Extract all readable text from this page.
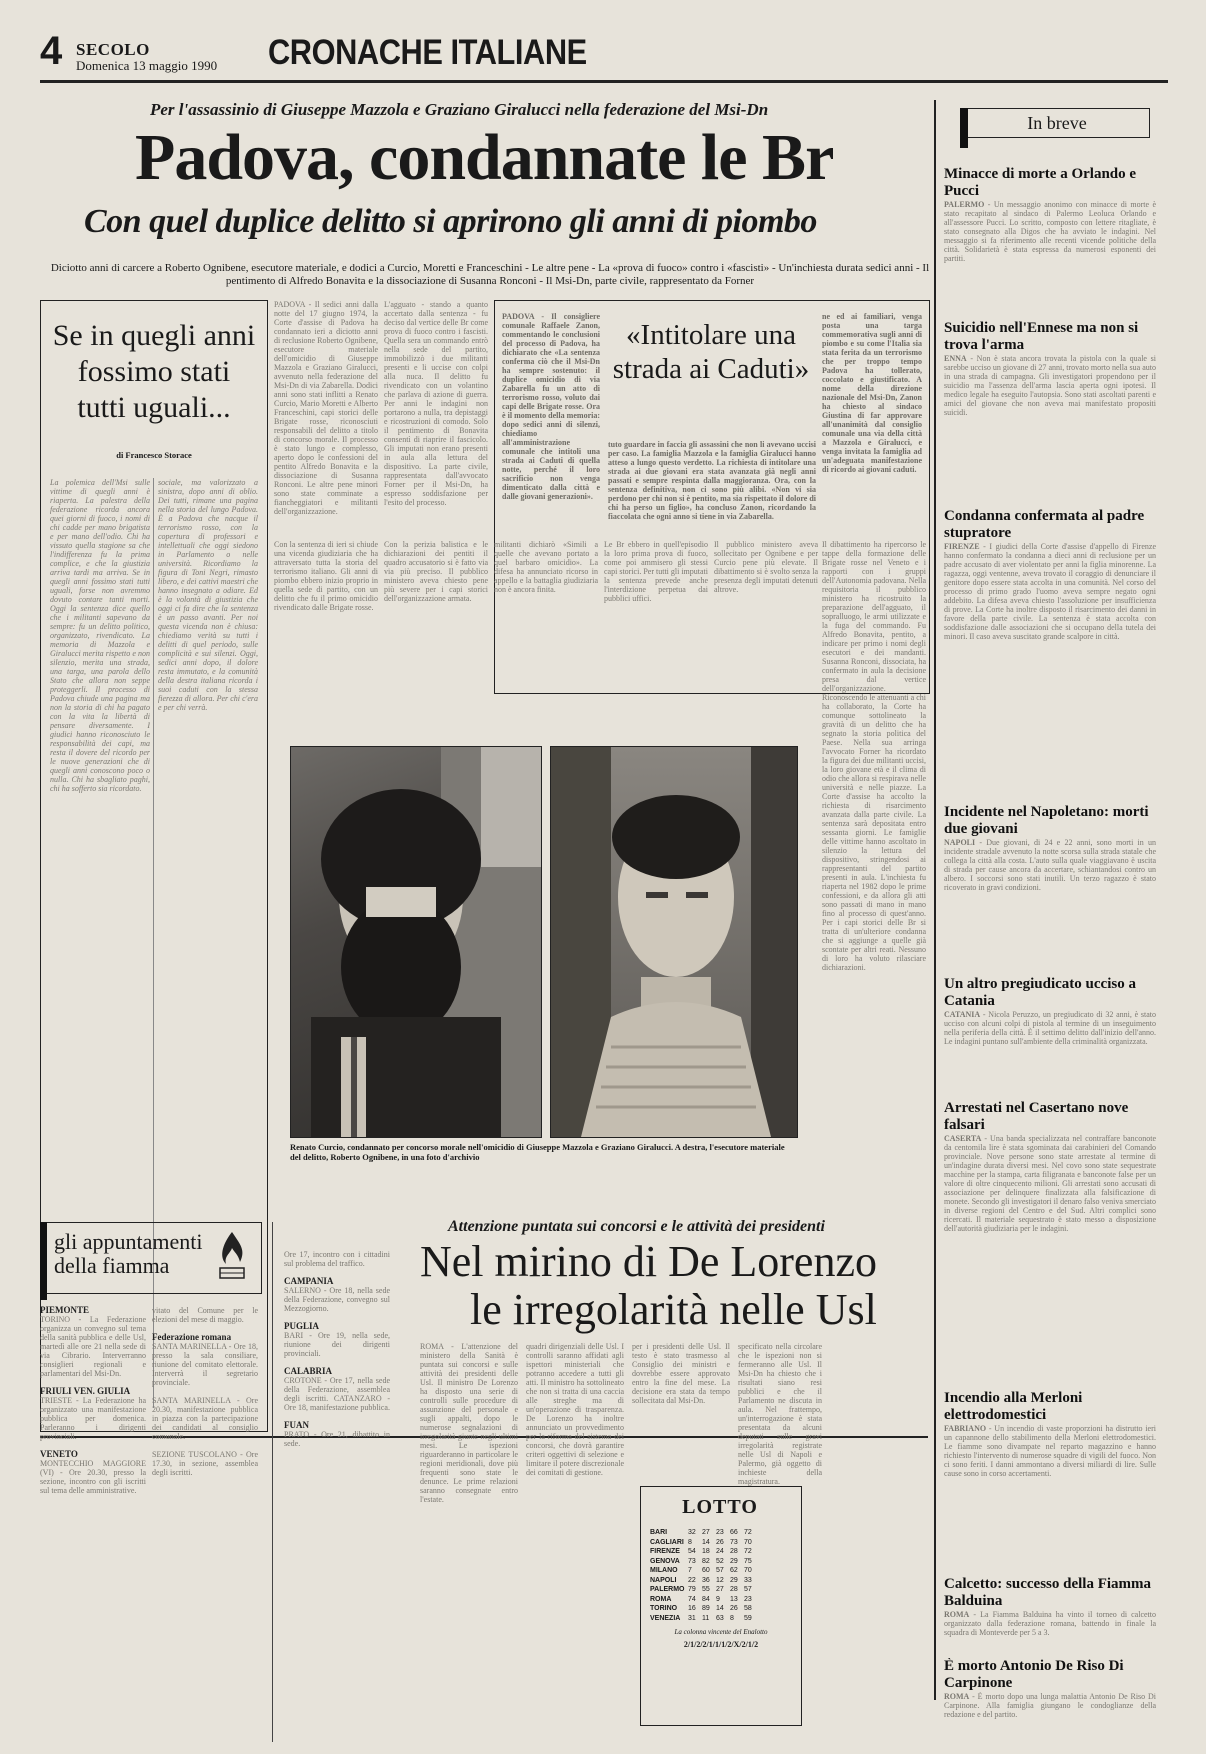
4 SECOLO
Domenica 13 maggio 1990 CRONACHE ITALIANE
Per l'assassinio di Giuseppe Mazzola e Graziano Giralucci nella federazione del Msi-Dn
Padova, condannate le Br
Con quel duplice delitto si aprirono gli anni di piombo
Diciotto anni di carcere a Roberto Ognibene, esecutore materiale, e dodici a Curcio, Moretti e Franceschini - Le altre pene - La «prova di fuoco» contro i «fascisti» - Un'inchiesta durata sedici anni - Il pentimento di Alfredo Bonavita e la dissociazione di Susanna Ronconi - Il Msi-Dn, parte civile, rappresentato da Forner
Se in quegli anni fossimo stati tutti uguali...
di Francesco Storace
La polemica dell'Msi sulle vittime di quegli anni è riaperta. La palestra della federazione ricorda ancora quei giorni di fuoco, i nomi di chi cadde per mano brigatista e per mano dell'odio. Chi ha vissuto quella stagione sa che l'indifferenza fu la prima complice, e che la giustizia arriva tardi ma arriva. Se in quegli anni fossimo stati tutti uguali, forse non avremmo dovuto contare tanti morti. Oggi la sentenza dice quello che i militanti sapevano da sempre: fu un delitto politico, organizzato, rivendicato. La memoria di Mazzola e Giralucci merita rispetto e non silenzio, merita una strada, una targa, una parola dello Stato che allora non seppe proteggerli. Il processo di Padova chiude una pagina ma non la storia di chi ha pagato con la vita la libertà di pensare diversamente. I giudici hanno riconosciuto le responsabilità dei capi, ma resta il dovere del ricordo per le nuove generazioni che di quegli anni conoscono poco o nulla. Chi ha sbagliato paghi, chi ha sofferto sia ricordato.
sociale, ma valorizzato a sinistra, dopo anni di oblio. Dei tutti, rimane una pagina nella storia del lungo Padova. È a Padova che nacque il terrorismo rosso, con la copertura di professori e intellettuali che oggi siedono in Parlamento o nelle università. Ricordiamo la figura di Toni Negri, rimasto libero, e dei cattivi maestri che hanno insegnato a odiare. Ed è la volontà di giustizia che oggi ci fa dire che la sentenza è un passo avanti. Per noi questa vicenda non è chiusa: chiediamo verità su tutti i delitti di quel periodo, sulle complicità e sui silenzi. Oggi, sedici anni dopo, il dolore resta immutato, e la comunità della destra italiana ricorda i suoi caduti con la stessa fierezza di allora. Per chi c'era e per chi verrà.
PADOVA - Il sedici anni dalla notte del 17 giugno 1974, la Corte d'assise di Padova ha condannato ieri a diciotto anni di reclusione Roberto Ognibene, esecutore materiale dell'omicidio di Giuseppe Mazzola e Graziano Giralucci, avvenuto nella federazione del Msi-Dn di via Zabarella. Dodici anni sono stati inflitti a Renato Curcio, Mario Moretti e Alberto Franceschini, capi storici delle Brigate rosse, riconosciuti responsabili del delitto a titolo di concorso morale. Il processo è stato lungo e complesso, aperto dopo le confessioni del pentito Alfredo Bonavita e la dissociazione di Susanna Ronconi. Le altre pene minori sono state comminate a fiancheggiatori e militanti dell'organizzazione.
L'agguato - stando a quanto accertato dalla sentenza - fu deciso dal vertice delle Br come prova di fuoco contro i fascisti. Quella sera un commando entrò nella sede del partito, immobilizzò i due militanti presenti e li uccise con colpi alla nuca. Il delitto fu rivendicato con un volantino che parlava di azione di guerra. Per anni le indagini non portarono a nulla, tra depistaggi e ricostruzioni di comodo. Solo il pentimento di Bonavita consentì di riaprire il fascicolo. Gli imputati non erano presenti in aula alla lettura del dispositivo. La parte civile, rappresentata dall'avvocato Forner per il Msi-Dn, ha espresso soddisfazione per l'esito del processo.
PADOVA - Il consigliere comunale Raffaele Zanon, commentando le conclusioni del processo di Padova, ha dichiarato che «La sentenza conferma ciò che il Msi-Dn ha sempre sostenuto: il duplice omicidio di via Zabarella fu un atto di terrorismo rosso, voluto dai capi delle Brigate rosse. Ora è il momento della memoria: dopo sedici anni di silenzi, chiediamo all'amministrazione comunale che intitoli una strada ai Caduti di quella notte, perché il loro sacrificio non venga dimenticato dalla città e dalle giovani generazioni».
«Intitolare una strada ai Caduti»
tuto guardare in faccia gli assassini che non li avevano uccisi per caso. La famiglia Mazzola e la famiglia Giralucci hanno atteso a lungo questo verdetto. La richiesta di intitolare una strada ai due giovani era stata avanzata già negli anni passati e sempre respinta dalla maggioranza. Ora, con la sentenza definitiva, non ci sono più alibi. «Non vi sia perdono per chi non si è pentito, ma sia rispettato il dolore di chi ha perso un figlio», ha concluso Zanon, ricordando la fiaccolata che ogni anno si tiene in via Zabarella.
ne ed ai familiari, venga posta una targa commemorativa sugli anni di piombo e su come l'Italia sia stata ferita da un terrorismo che per troppo tempo Padova ha tollerato, coccolato e giustificato. A nome della direzione nazionale del Msi-Dn, Zanon ha chiesto al sindaco Giustina di far approvare all'unanimità dal consiglio comunale una via della città a Mazzola e Giralucci, e venga invitata la famiglia ad un'adeguata manifestazione di ricordo ai giovani caduti.
Con la sentenza di ieri si chiude una vicenda giudiziaria che ha attraversato tutta la storia del terrorismo italiano. Gli anni di piombo ebbero inizio proprio in quella sede di partito, con un delitto che fu il primo omicidio rivendicato dalle Brigate rosse.
Con la perizia balistica e le dichiarazioni dei pentiti il quadro accusatorio si è fatto via via più preciso. Il pubblico ministero aveva chiesto pene più severe per i capi storici dell'organizzazione armata.
militanti dichiarò «Simili a quelle che avevano portato a quel barbaro omicidio». La difesa ha annunciato ricorso in appello e la battaglia giudiziaria non è ancora finita.
Le Br ebbero in quell'episodio la loro prima prova di fuoco, come poi ammisero gli stessi capi storici. Per tutti gli imputati la sentenza prevede anche l'interdizione perpetua dai pubblici uffici.
Il pubblico ministero aveva sollecitato per Ognibene e per Curcio pene più elevate. Il dibattimento si è svolto senza la presenza degli imputati detenuti altrove.
Il dibattimento ha ripercorso le tappe della formazione delle Brigate rosse nel Veneto e i rapporti con i gruppi dell'Autonomia padovana. Nella requisitoria il pubblico ministero ha ricostruito la preparazione dell'agguato, il sopralluogo, le armi utilizzate e la fuga del commando. Fu Alfredo Bonavita, pentito, a indicare per primo i nomi degli esecutori e dei mandanti. Susanna Ronconi, dissociata, ha confermato in aula la decisione presa dal vertice dell'organizzazione. Riconoscendo le attenuanti a chi ha collaborato, la Corte ha comunque sottolineato la gravità di un delitto che ha segnato la storia politica del Paese. Nella sua arringa l'avvocato Forner ha ricordato la figura dei due militanti uccisi, la loro giovane età e il clima di odio che allora si respirava nelle università e nelle piazze. La Corte d'assise ha accolto la richiesta di risarcimento avanzata dalla parte civile. La sentenza sarà depositata entro sessanta giorni. Le famiglie delle vittime hanno ascoltato in silenzio la lettura del dispositivo, stringendosi ai rappresentanti del partito presenti in aula. L'inchiesta fu riaperta nel 1982 dopo le prime confessioni, e da allora gli atti sono passati di mano in mano fino al processo di quest'anno. Per i capi storici delle Br si tratta di un'ulteriore condanna che si aggiunge a quelle già scontate per altri reati. Nessuno di loro ha voluto rilasciare dichiarazioni.
Renato Curcio, condannato per concorso morale nell'omicidio di Giuseppe Mazzola e Graziano Giralucci. A destra, l'esecutore materiale del delitto, Roberto Ognibene, in una foto d'archivio
In breve
Minacce di morte a Orlando e Pucci
PALERMO - Un messaggio anonimo con minacce di morte è stato recapitato al sindaco di Palermo Leoluca Orlando e all'assessore Pucci. Lo scritto, composto con lettere ritagliate, è stato consegnato alla Digos che ha avviato le indagini. Nel messaggio si fa riferimento alle recenti vicende politiche della città. Solidarietà è stata espressa da numerosi esponenti dei partiti.
Suicidio nell'Ennese ma non si trova l'arma
ENNA - Non è stata ancora trovata la pistola con la quale si sarebbe ucciso un giovane di 27 anni, trovato morto nella sua auto in una strada di campagna. Gli investigatori propendono per il suicidio ma l'assenza dell'arma lascia aperta ogni ipotesi. Il medico legale ha eseguito l'autopsia. Sono stati ascoltati parenti e amici del giovane che non aveva mai manifestato propositi suicidi.
Condanna confermata al padre stupratore
FIRENZE - I giudici della Corte d'assise d'appello di Firenze hanno confermato la condanna a dieci anni di reclusione per un padre accusato di aver violentato per anni la figlia minorenne. La ragazza, oggi ventenne, aveva trovato il coraggio di denunciare il genitore dopo essere stata accolta in una comunità. Nel corso del processo di primo grado l'uomo aveva sempre negato ogni addebito. La difesa aveva chiesto l'assoluzione per insufficienza di prove. La Corte ha inoltre disposto il risarcimento dei danni in favore della parte civile. La sentenza è stata accolta con soddisfazione dalle associazioni che si occupano della tutela dei minori. Il caso aveva suscitato grande scalpore in città.
Incidente nel Napoletano: morti due giovani
NAPOLI - Due giovani, di 24 e 22 anni, sono morti in un incidente stradale avvenuto la notte scorsa sulla strada statale che collega la città alla costa. L'auto sulla quale viaggiavano è uscita di strada per cause ancora da accertare, schiantandosi contro un albero. I soccorsi sono stati inutili. Un terzo ragazzo è stato ricoverato in gravi condizioni.
Un altro pregiudicato ucciso a Catania
CATANIA - Nicola Peruzzo, un pregiudicato di 32 anni, è stato ucciso con alcuni colpi di pistola al termine di un inseguimento nella periferia della città. È il settimo delitto dall'inizio dell'anno. Le indagini puntano sull'ambiente della criminalità organizzata.
Arrestati nel Casertano nove falsari
CASERTA - Una banda specializzata nel contraffare banconote da centomila lire è stata sgominata dai carabinieri del Comando provinciale. Nove persone sono state arrestate al termine di un'indagine durata diversi mesi. Nel covo sono state sequestrate macchine per la stampa, carta filigranata e banconote false per un valore di oltre cinquecento milioni. Gli arrestati sono accusati di associazione per delinquere finalizzata alla falsificazione di monete. Secondo gli investigatori il denaro falso veniva smerciato in diverse regioni del Centro e del Sud. Altri complici sono ricercati. Il materiale sequestrato è stato messo a disposizione dell'autorità giudiziaria per le indagini.
Incendio alla Merloni elettrodomestici
FABRIANO - Un incendio di vaste proporzioni ha distrutto ieri un capannone dello stabilimento della Merloni elettrodomestici. Le fiamme sono divampate nel reparto magazzino e hanno richiesto l'intervento di numerose squadre di vigili del fuoco. Non ci sono feriti. I danni ammontano a diversi miliardi di lire. Sulle cause sono in corso accertamenti.
Calcetto: successo della Fiamma Balduina
ROMA - La Fiamma Balduina ha vinto il torneo di calcetto organizzato dalla federazione romana, battendo in finale la squadra di Monteverde per 5 a 3.
È morto Antonio De Riso Di Carpinone
ROMA - È morto dopo una lunga malattia Antonio De Riso Di Carpinone. Alla famiglia giungano le condoglianze della redazione e del partito.
gli appuntamenti
della fiamma
PIEMONTE
TORINO - La Federazione organizza un convegno sul tema della sanità pubblica e delle Usl, martedì alle ore 21 nella sede di via Cibrario. Interverranno consiglieri regionali e parlamentari del Msi-Dn.

FRIULI VEN. GIULIA
TRIESTE - La Federazione ha organizzato una manifestazione pubblica per domenica. Parleranno i dirigenti provinciali.

VENETO
MONTECCHIO MAGGIORE (VI) - Ore 20.30, presso la sezione, incontro con gli iscritti sul tema delle amministrative.
vitato del Comune per le elezioni del mese di maggio.

Federazione romana
SANTA MARINELLA - Ore 18, presso la sala consiliare, riunione del comitato elettorale. Interverrà il segretario provinciale.

SANTA MARINELLA - Ore 20.30, manifestazione pubblica in piazza con la partecipazione dei candidati al consiglio comunale.

SEZIONE TUSCOLANO - Ore 17.30, in sezione, assemblea degli iscritti.
Ore 17, incontro con i cittadini sul problema del traffico.

CAMPANIA
SALERNO - Ore 18, nella sede della Federazione, convegno sul Mezzogiorno.

PUGLIA
BARI - Ore 19, nella sede, riunione dei dirigenti provinciali.

CALABRIA
CROTONE - Ore 17, nella sede della Federazione, assemblea degli iscritti. CATANZARO - Ore 18, manifestazione pubblica.

FUAN
PRATO - Ore 21, dibattito in sede.
Attenzione puntata sui concorsi e le attività dei presidenti
Nel mirino di De Lorenzo
le irregolarità nelle Usl
ROMA - L'attenzione del ministero della Sanità è puntata sui concorsi e sulle attività dei presidenti delle Usl. Il ministro De Lorenzo ha disposto una serie di controlli sulle procedure di assunzione del personale e sugli appalti, dopo le numerose segnalazioni di irregolarità giunte negli ultimi mesi. Le ispezioni riguarderanno in particolare le regioni meridionali, dove più frequenti sono state le denunce. Le prime relazioni saranno consegnate entro l'estate.
quadri dirigenziali delle Usl. I controlli saranno affidati agli ispettori ministeriali che potranno accedere a tutti gli atti. Il ministro ha sottolineato che non si tratta di una caccia alle streghe ma di un'operazione di trasparenza. De Lorenzo ha inoltre annunciato un provvedimento per la riforma del sistema dei concorsi, che dovrà garantire criteri oggettivi di selezione e limitare il potere discrezionale dei comitati di gestione.
per i presidenti delle Usl. Il testo è stato trasmesso al Consiglio dei ministri e dovrebbe essere approvato entro la fine del mese. La decisione era stata da tempo sollecitata dal Msi-Dn.
specificato nella circolare che le ispezioni non si fermeranno alle Usl. Il Msi-Dn ha chiesto che i risultati siano resi pubblici e che il Parlamento ne discuta in aula. Nel frattempo, un'interrogazione è stata presentata da alcuni deputati sulle gravi irregolarità registrate nelle Usl di Napoli e Palermo, già oggetto di inchieste della magistratura.
LOTTO
BARI	32 27 23 66 72
CAGLIARI 8	14 26 73 70
FIRENZE	54 18 24 28 72
GENOVA	73 82 52 29 75
MILANO	7	60 57 62 70
NAPOLI	22 36 12 29 33
PALERMO 79 55 27 28 57
ROMA	74 84 9	13 23
TORINO	16 89 14 26 58
VENEZIA	31 11 63 8	59
La colonna vincente del Enalotto
2/1/2/2/1/1/1/2/X/2/1/2
